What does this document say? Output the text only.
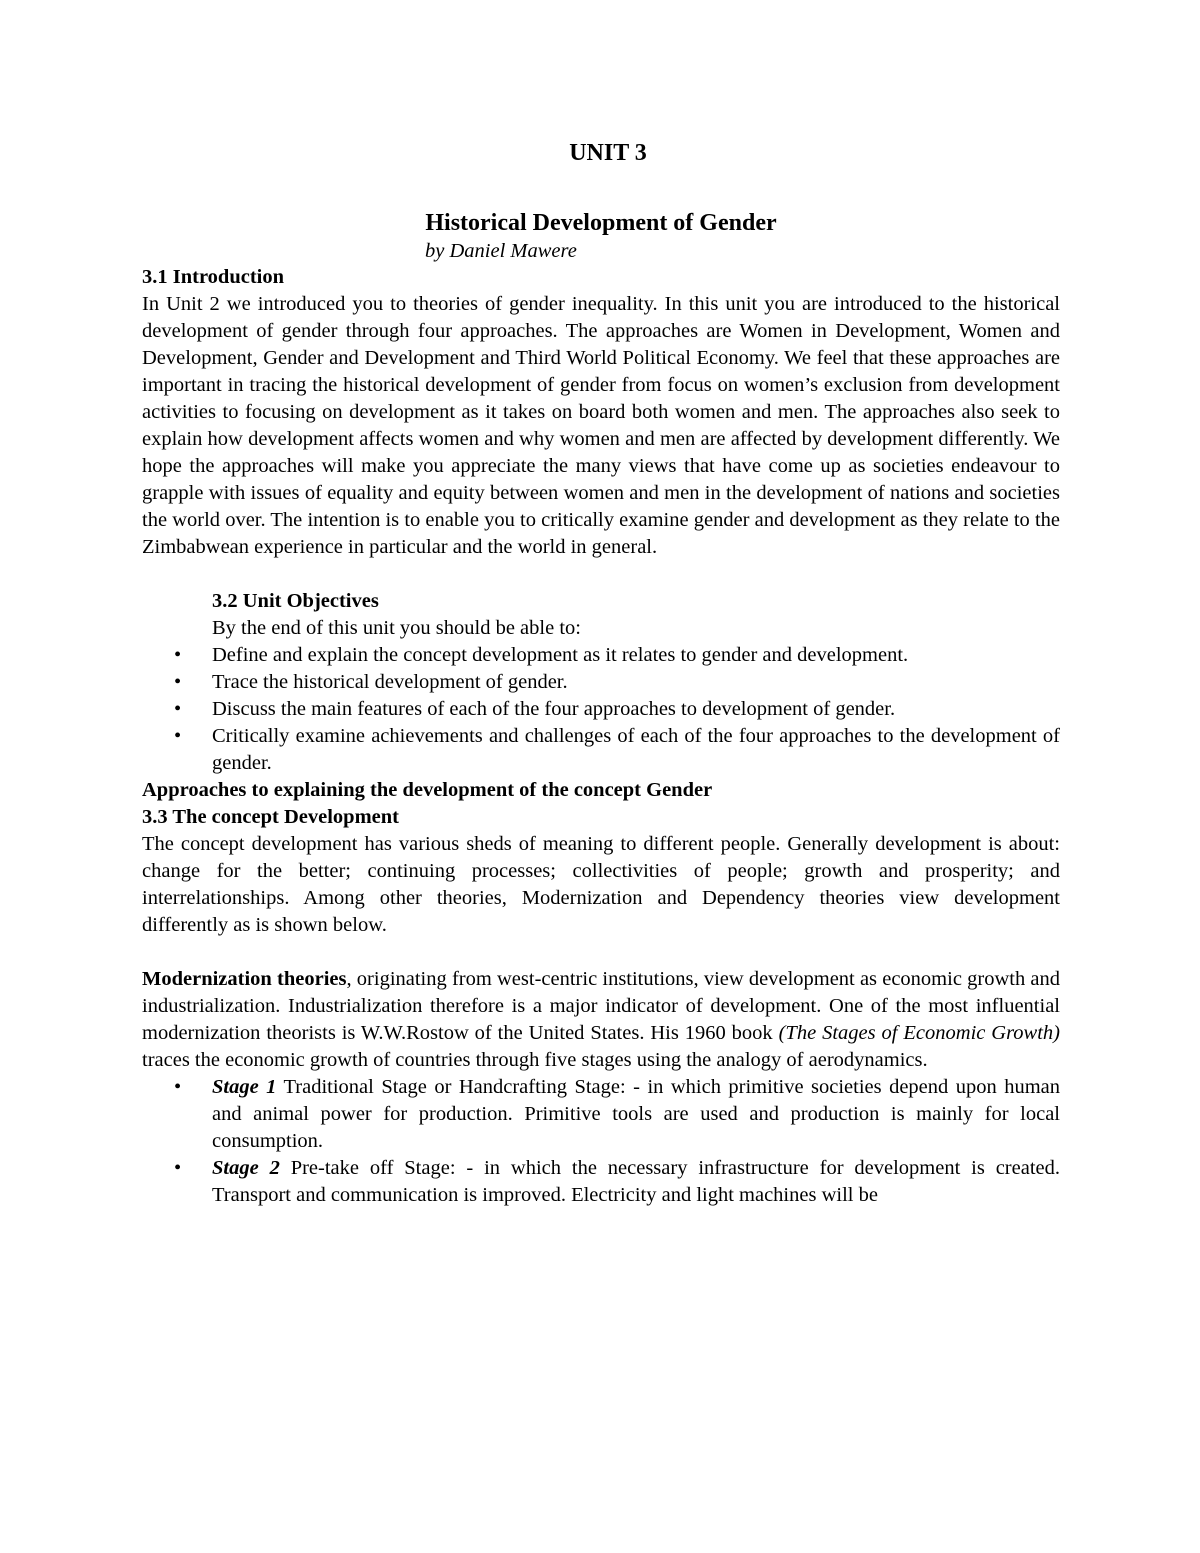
UNIT 3
Historical Development of Gender
by Daniel Mawere
3.1 Introduction

In Unit 2 we introduced you to theories of gender inequality. In this unit you are introduced to the historical development of gender through four approaches. The approaches are Women in Development, Women and Development, Gender and Development and Third World Political Economy. We feel that these approaches are important in tracing the historical development of gender from focus on women’s exclusion from development activities to focusing on development as it takes on board both women and men. The approaches also seek to explain how development affects women and why women and men are affected by development differently. We hope the approaches will make you appreciate the many views that have come up as societies endeavour to grapple with issues of equality and equity between women and men in the development of nations and societies the world over. The intention is to enable you to critically examine gender and development as they relate to the Zimbabwean experience in particular and the world in general.

3.2 Unit Objectives

By the end of this unit you should be able to:

• Define and explain the concept development as it relates to gender and development.
• Trace the historical development of gender.
• Discuss the main features of each of the four approaches to development of gender.
• Critically examine achievements and challenges of each of the four approaches to the development of gender.
Approaches to explaining the development of the concept Gender
3.3 The concept Development

The concept development has various sheds of meaning to different people. Generally development is about: change for the better; continuing processes; collectivities of people; growth and prosperity; and interrelationships. Among other theories, Modernization and Dependency theories view development differently as is shown below.

Modernization theories, originating from west-centric institutions, view development as economic growth and industrialization. Industrialization therefore is a major indicator of development. One of the most influential modernization theorists is W.W.Rostow of the United States. His 1960 book (The Stages of Economic Growth) traces the economic growth of countries through five stages using the analogy of aerodynamics.

• Stage 1 Traditional Stage or Handcrafting Stage: - in which primitive societies depend upon human and animal power for production. Primitive tools are used and production is mainly for local consumption.
• Stage 2 Pre-take off Stage: - in which the necessary infrastructure for development is created. Transport and communication is improved. Electricity and light machines will be
